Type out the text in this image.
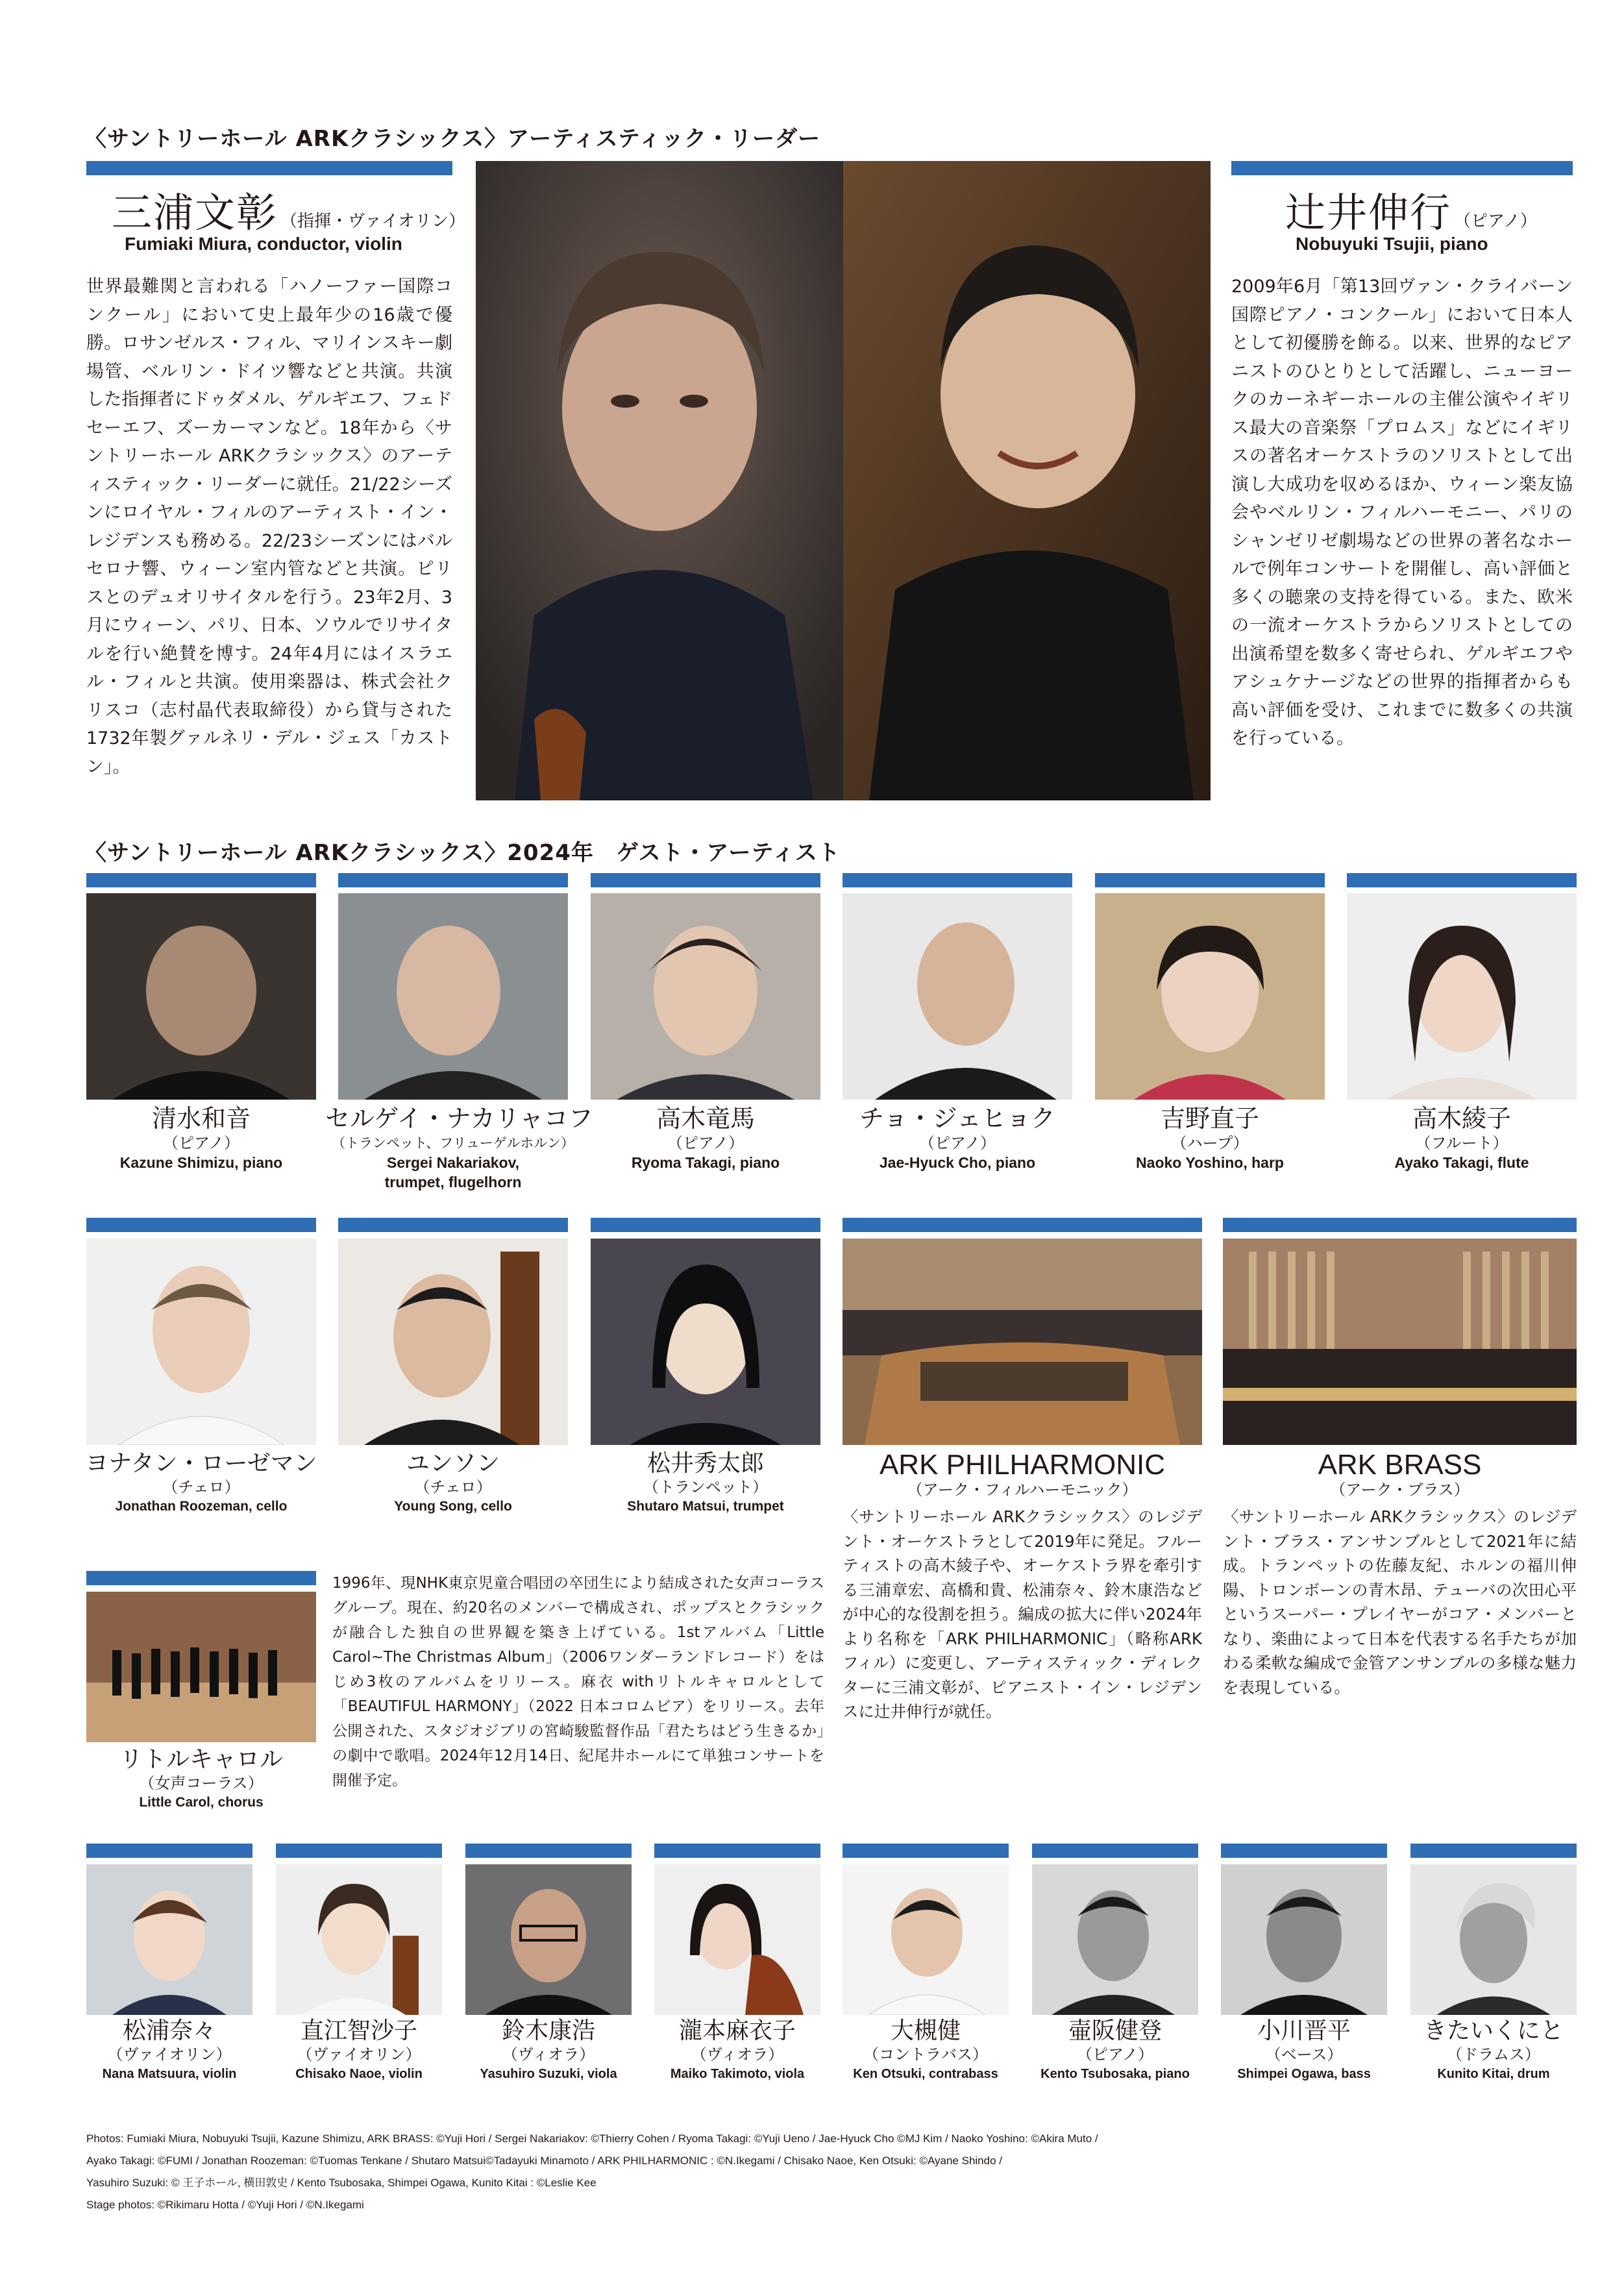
〈サントリーホール ARKクラシックス〉アーティスティック・リーダー
三浦文彰 （指揮・ヴァイオリン）
Fumiaki Miura, conductor, violin
世界最難関と言われる「ハノーファー国際コンクール」において史上最年少の16歳で優勝。ロサンゼルス・フィル、マリインスキー劇場管、ベルリン・ドイツ響などと共演。共演した指揮者にドゥダメル、ゲルギエフ、フェドセーエフ、ズーカーマンなど。18年から〈サントリーホール ARKクラシックス〉のアーティスティック・リーダーに就任。21/22シーズンにロイヤル・フィルのアーティスト・イン・レジデンスも務める。22/23シーズンにはバルセロナ響、ウィーン室内管などと共演。ピリスとのデュオリサイタルを行う。23年2月、3月にウィーン、パリ、日本、ソウルでリサイタルを行い絶賛を博す。24年4月にはイスラエル・フィルと共演。使用楽器は、株式会社クリスコ（志村晶代表取締役）から貸与された1732年製グァルネリ・デル・ジェス「カストン」。
辻井伸行 （ピアノ）
Nobuyuki Tsujii, piano
2009年6月「第13回ヴァン・クライバーン国際ピアノ・コンクール」において日本人として初優勝を飾る。以来、世界的なピアニストのひとりとして活躍し、ニューヨークのカーネギーホールの主催公演やイギリス最大の音楽祭「プロムス」などにイギリスの著名オーケストラのソリストとして出演し大成功を収めるほか、ウィーン楽友協会やベルリン・フィルハーモニー、パリのシャンゼリゼ劇場などの世界の著名なホールで例年コンサートを開催し、高い評価と多くの聴衆の支持を得ている。また、欧米の一流オーケストラからソリストとしての出演希望を数多く寄せられ、ゲルギエフやアシュケナージなどの世界的指揮者からも高い評価を受け、これまでに数多くの共演を行っている。
〈サントリーホール ARKクラシックス〉2024年　ゲスト・アーティスト
清水和音
（ピアノ）
Kazune Shimizu, piano
セルゲイ・ナカリャコフ
（トランペット、フリューゲルホルン）
Sergei Nakariakov,
trumpet, flugelhorn
高木竜馬
（ピアノ）
Ryoma Takagi, piano
チョ・ジェヒョク
（ピアノ）
Jae-Hyuck Cho, piano
吉野直子
（ハープ）
Naoko Yoshino, harp
高木綾子
（フルート）
Ayako Takagi, flute
ヨナタン・ローゼマン
（チェロ）
Jonathan Roozeman, cello
ユンソン
（チェロ）
Young Song, cello
松井秀太郎
（トランペット）
Shutaro Matsui, trumpet
ARK PHILHARMONIC
（アーク・フィルハーモニック）
〈サントリーホール ARKクラシックス〉のレジデント・オーケストラとして2019年に発足。フルーティストの高木綾子や、オーケストラ界を牽引する三浦章宏、高橋和貴、松浦奈々、鈴木康浩などが中心的な役割を担う。編成の拡大に伴い2024年より名称を「ARK PHILHARMONIC」（略称ARKフィル）に変更し、アーティスティック・ディレクターに三浦文彰が、ピアニスト・イン・レジデンスに辻井伸行が就任。
ARK BRASS
（アーク・ブラス）
〈サントリーホール ARKクラシックス〉のレジデント・ブラス・アンサンブルとして2021年に結成。トランペットの佐藤友紀、ホルンの福川伸陽、トロンボーンの青木昂、テューバの次田心平というスーパー・プレイヤーがコア・メンバーとなり、楽曲によって日本を代表する名手たちが加わる柔軟な編成で金管アンサンブルの多様な魅力を表現している。
リトルキャロル
（女声コーラス）
Little Carol, chorus
1996年、現NHK東京児童合唱団の卒団生により結成された女声コーラスグループ。現在、約20名のメンバーで構成され、ポップスとクラシックが融合した独自の世界観を築き上げている。1stアルバム「Little Carol~The Christmas Album」（2006ワンダーランドレコード）をはじめ3枚のアルバムをリリース。麻衣 withリトルキャロルとして「BEAUTIFUL HARMONY」（2022 日本コロムビア）をリリース。去年公開された、スタジオジブリの宮崎駿監督作品「君たちはどう生きるか」の劇中で歌唱。2024年12月14日、紀尾井ホールにて単独コンサートを開催予定。
松浦奈々
（ヴァイオリン）
Nana Matsuura, violin
直江智沙子
（ヴァイオリン）
Chisako Naoe, violin
鈴木康浩
（ヴィオラ）
Yasuhiro Suzuki, viola
瀧本麻衣子
（ヴィオラ）
Maiko Takimoto, viola
大槻健
（コントラバス）
Ken Otsuki, contrabass
壷阪健登
（ピアノ）
Kento Tsubosaka, piano
小川晋平
（ベース）
Shimpei Ogawa, bass
きたいくにと
（ドラムス）
Kunito Kitai, drum
Photos: Fumiaki Miura, Nobuyuki Tsujii, Kazune Shimizu, ARK BRASS: ©Yuji Hori / Sergei Nakariakov: ©Thierry Cohen / Ryoma Takagi: ©Yuji Ueno / Jae-Hyuck Cho ©MJ Kim / Naoko Yoshino: ©Akira Muto /
Ayako Takagi: ©FUMI / Jonathan Roozeman: ©Tuomas Tenkane / Shutaro Matsui©Tadayuki Minamoto / ARK PHILHARMONIC : ©N.Ikegami / Chisako Naoe, Ken Otsuki: ©Ayane Shindo /
Yasuhiro Suzuki: © 王子ホール, 横田敦史 / Kento Tsubosaka, Shimpei Ogawa, Kunito Kitai : ©Leslie Kee
Stage photos: ©Rikimaru Hotta / ©Yuji Hori / ©N.Ikegami
